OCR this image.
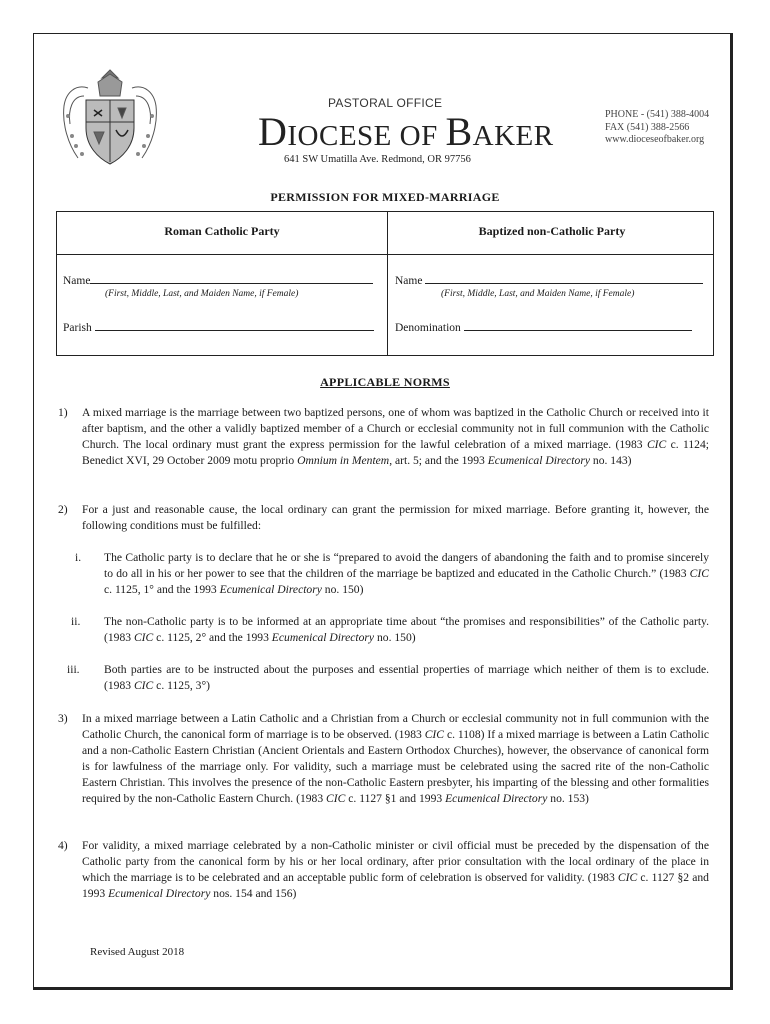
PASTORAL OFFICE
DIOCESE OF BAKER
641 SW Umatilla Ave. Redmond, OR 97756
PHONE - (541) 388-4004
FAX (541) 388-2566
www.dioceseofbaker.org
PERMISSION FOR MIXED-MARRIAGE
Roman Catholic Party	Baptized non-Catholic Party
Name
(First, Middle, Last, and Maiden Name, if Female)
Parish
Name
(First, Middle, Last, and Maiden Name, if Female)
Denomination
APPLICABLE NORMS
1) A mixed marriage is the marriage between two baptized persons, one of whom was baptized in the Catholic Church or received into it after baptism, and the other a validly baptized member of a Church or ecclesial community not in full communion with the Catholic Church. The local ordinary must grant the express permission for the lawful celebration of a mixed marriage. (1983 CIC c. 1124; Benedict XVI, 29 October 2009 motu proprio Omnium in Mentem, art. 5; and the 1993 Ecumenical Directory no. 143)
2) For a just and reasonable cause, the local ordinary can grant the permission for mixed marriage. Before granting it, however, the following conditions must be fulfilled:
i. The Catholic party is to declare that he or she is “prepared to avoid the dangers of abandoning the faith and to promise sincerely to do all in his or her power to see that the children of the marriage be baptized and educated in the Catholic Church.” (1983 CIC c. 1125, 1° and the 1993 Ecumenical Directory no. 150)
ii. The non-Catholic party is to be informed at an appropriate time about “the promises and responsibilities” of the Catholic party. (1983 CIC c. 1125, 2° and the 1993 Ecumenical Directory no. 150)
iii. Both parties are to be instructed about the purposes and essential properties of marriage which neither of them is to exclude. (1983 CIC c. 1125, 3°)
3) In a mixed marriage between a Latin Catholic and a Christian from a Church or ecclesial community not in full communion with the Catholic Church, the canonical form of marriage is to be observed. (1983 CIC c. 1108) If a mixed marriage is between a Latin Catholic and a non-Catholic Eastern Christian (Ancient Orientals and Eastern Orthodox Churches), however, the observance of canonical form is for lawfulness of the marriage only. For validity, such a marriage must be celebrated using the sacred rite of the non-Catholic Eastern Christian. This involves the presence of the non-Catholic Eastern presbyter, his imparting of the blessing and other formalities required by the non-Catholic Eastern Church. (1983 CIC c. 1127 §1 and 1993 Ecumenical Directory no. 153)
4) For validity, a mixed marriage celebrated by a non-Catholic minister or civil official must be preceded by the dispensation of the Catholic party from the canonical form by his or her local ordinary, after prior consultation with the local ordinary of the place in which the marriage is to be celebrated and an acceptable public form of celebration is observed for validity. (1983 CIC c. 1127 §2 and 1993 Ecumenical Directory nos. 154 and 156)
Revised August 2018
